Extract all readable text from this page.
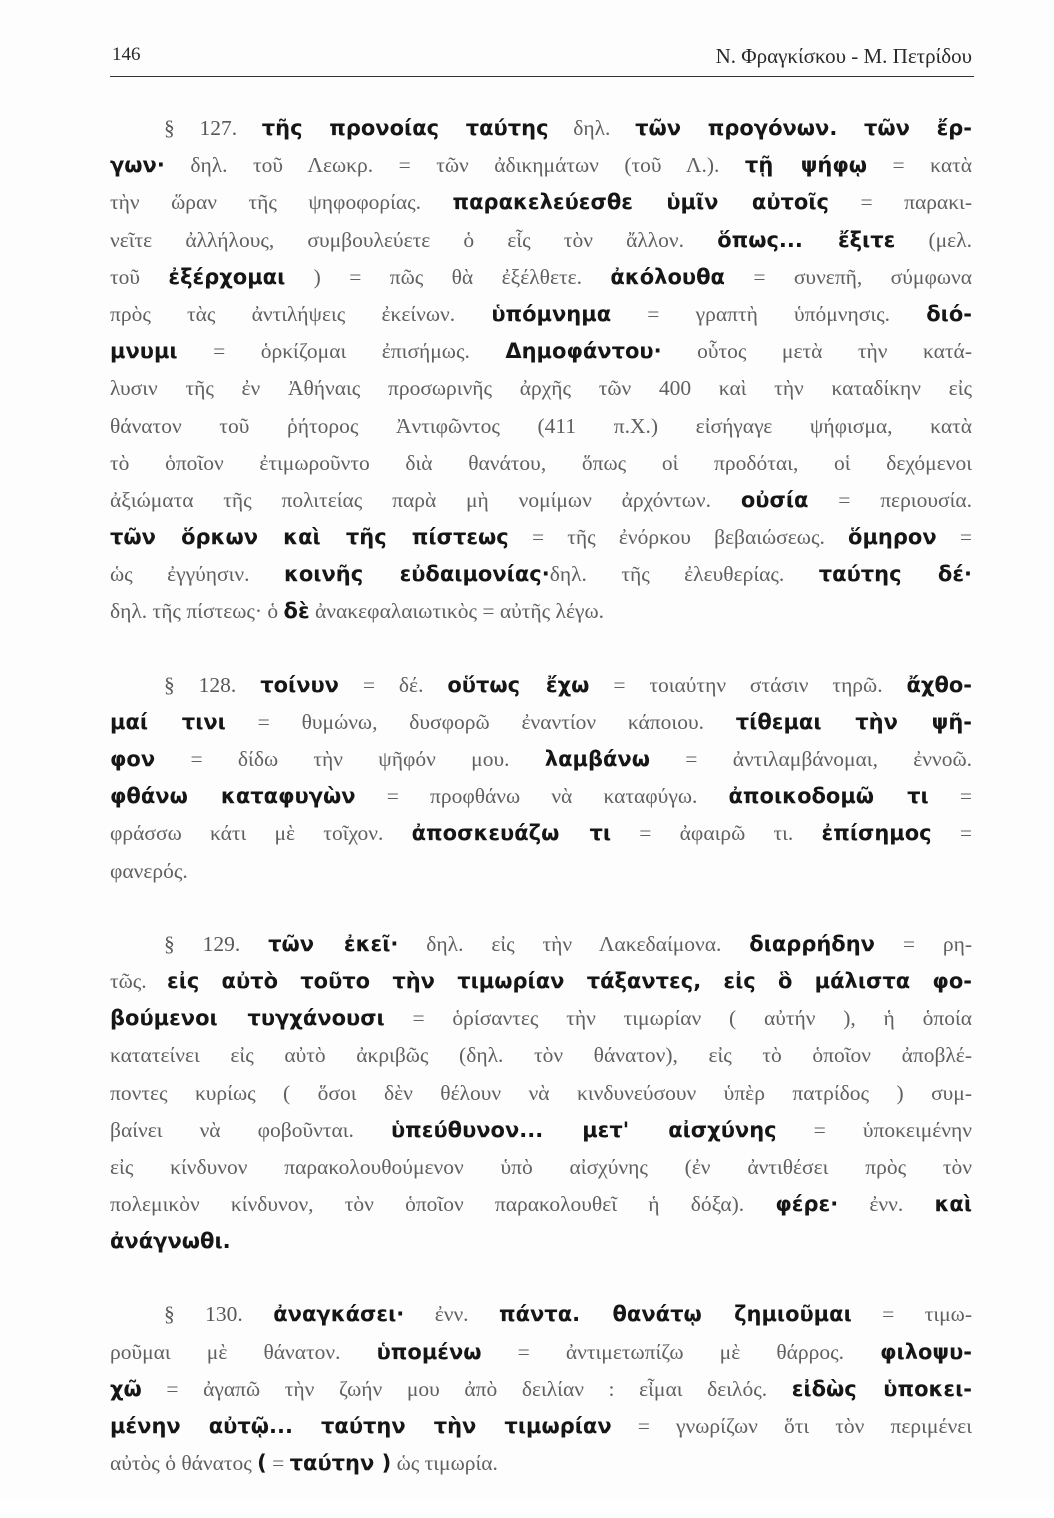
146	Ν. Φραγκίσκου - Μ. Πετρίδου
§ 127. τῆς προνοίας ταύτης δηλ. τῶν προγόνων. τῶν ἔρ-
γων· δηλ. τοῦ Λεωκρ. = τῶν ἀδικημάτων (τοῦ Λ.). τῇ ψήφῳ = κατὰ
τὴν ὥραν τῆς ψηφοφορίας. παρακελεύεσθε ὑμῖν αὐτοῖς = παρακι-
νεῖτε ἀλλήλους, συμβουλεύετε ὁ εἷς τὸν ἄλλον. ὅπως... ἔξιτε (μελ.
τοῦ ἐξέρχομαι ) = πῶς θὰ ἐξέλθετε. ἀκόλουθα = συνεπῆ, σύμφωνα
πρὸς τὰς ἀντιλήψεις ἐκείνων. ὑπόμνημα = γραπτὴ ὑπόμνησις. διό-
μνυμι = ὁρκίζομαι ἐπισήμως. Δημοφάντου· οὗτος μετὰ τὴν κατά-
λυσιν τῆς ἐν Ἀθήναις προσωρινῆς ἀρχῆς τῶν 400 καὶ τὴν καταδίκην εἰς
θάνατον τοῦ ῥήτορος Ἀντιφῶντος (411 π.Χ.) εἰσήγαγε ψήφισμα, κατὰ
τὸ ὁποῖον ἐτιμωροῦντο διὰ θανάτου, ὅπως οἱ προδόται, οἱ δεχόμενοι
ἀξιώματα τῆς πολιτείας παρὰ μὴ νομίμων ἀρχόντων. οὐσία = περιουσία.
τῶν ὅρκων καὶ τῆς πίστεως = τῆς ἐνόρκου βεβαιώσεως. ὅμηρον =
ὡς ἐγγύησιν. κοινῆς εὐδαιμονίας·δηλ. τῆς ἐλευθερίας. ταύτης δέ·
δηλ. τῆς πίστεως· ὁ δὲ ἀνακεφαλαιωτικὸς = αὐτῆς λέγω.
§ 128. τοίνυν = δέ. οὕτως ἔχω = τοιαύτην στάσιν τηρῶ. ἄχθο-
μαί τινι = θυμώνω, δυσφορῶ ἐναντίον κάποιου. τίθεμαι τὴν ψῆ-
φον = δίδω τὴν ψῆφόν μου. λαμβάνω = ἀντιλαμβάνομαι, ἐννοῶ.
φθάνω καταφυγὼν = προφθάνω νὰ καταφύγω. ἀποικοδομῶ τι =
φράσσω κάτι μὲ τοῖχον. ἀποσκευάζω τι = ἀφαιρῶ τι. ἐπίσημος =
φανερός.
§ 129. τῶν ἐκεῖ· δηλ. εἰς τὴν Λακεδαίμονα. διαρρήδην = ρη-
τῶς. εἰς αὐτὸ τοῦτο τὴν τιμωρίαν τάξαντες, εἰς ὃ μάλιστα φο-
βούμενοι τυγχάνουσι = ὁρίσαντες τὴν τιμωρίαν ( αὐτήν ), ἡ ὁποία
κατατείνει εἰς αὐτὸ ἀκριβῶς (δηλ. τὸν θάνατον), εἰς τὸ ὁποῖον ἀποβλέ-
ποντες κυρίως ( ὅσοι δὲν θέλουν νὰ κινδυνεύσουν ὑπὲρ πατρίδος ) συμ-
βαίνει νὰ φοβοῦνται. ὑπεύθυνον... μετ' αἰσχύνης = ὑποκειμένην
εἰς κίνδυνον παρακολουθούμενον ὑπὸ αἰσχύνης (ἐν ἀντιθέσει πρὸς τὸν
πολεμικὸν κίνδυνον, τὸν ὁποῖον παρακολουθεῖ ἡ δόξα). φέρε· ἐνν. καὶ
ἀνάγνωθι.
§ 130. ἀναγκάσει· ἐνν. πάντα. θανάτῳ ζημιοῦμαι = τιμω-
ροῦμαι μὲ θάνατον. ὑπομένω = ἀντιμετωπίζω μὲ θάρρος. φιλοψυ-
χῶ = ἀγαπῶ τὴν ζωήν μου ἀπὸ δειλίαν : εἶμαι δειλός. εἰδὼς ὑποκει-
μένην αὐτῷ... ταύτην τὴν τιμωρίαν = γνωρίζων ὅτι τὸν περιμένει
αὐτὸς ὁ θάνατος ( = ταύτην ) ὡς τιμωρία.
